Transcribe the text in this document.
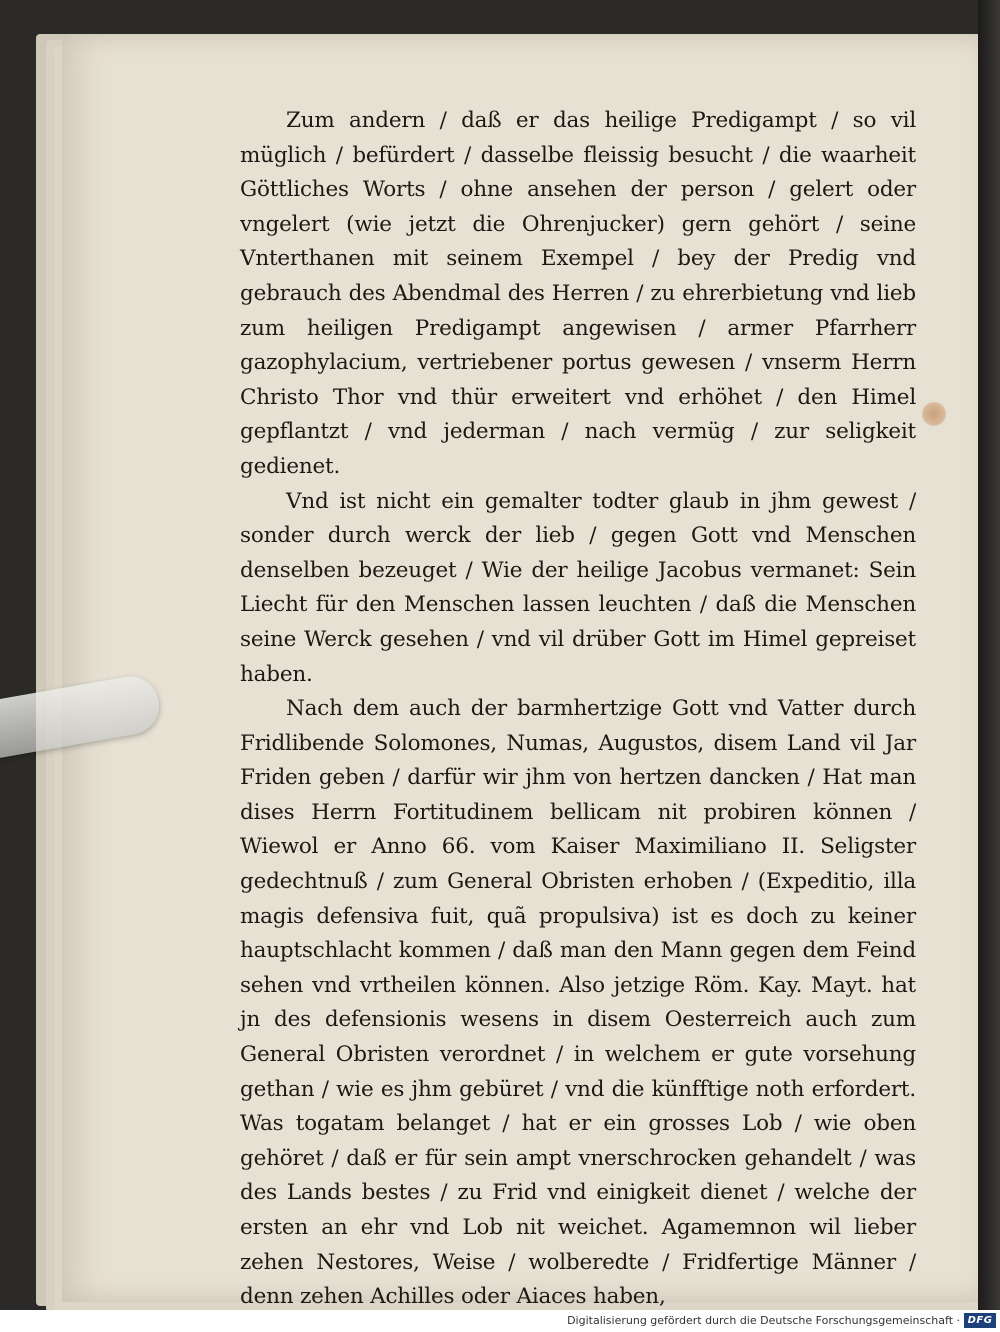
Zum andern / daß er das heilige Predigampt / so vil müglich / befürdert / dasselbe fleissig besucht / die waarheit Göttliches Worts / ohne ansehen der person / gelert oder vngelert (wie jetzt die Ohrenjucker) gern gehört / seine Vnterthanen mit seinem Exempel / bey der Predig vnd gebrauch des Abendmal des Herren / zu ehrerbietung vnd lieb zum heiligen Predigampt angewisen / armer Pfarrherr gazophylacium, vertriebener portus gewesen / vnserm Herrn Christo Thor vnd thür erweitert vnd erhöhet / den Himel gepflantzt / vnd jederman / nach vermüg / zur seligkeit gedienet.

Vnd ist nicht ein gemalter todter glaub in jhm gewest / sonder durch werck der lieb / gegen Gott vnd Menschen denselben bezeuget / Wie der heilige Jacobus vermanet: Sein Liecht für den Menschen lassen leuchten / daß die Menschen seine Werck gesehen / vnd vil drüber Gott im Himel gepreiset haben.

Nach dem auch der barmhertzige Gott vnd Vatter durch Fridlibende Solomones, Numas, Augustos, disem Land vil Jar Friden geben / darfür wir jhm von hertzen dancken / Hat man dises Herrn Fortitudinem bellicam nit probiren können / Wiewol er Anno 66. vom Kaiser Maximiliano II. Seligster gedechtnuß / zum General Obristen erhoben / (Expeditio, illa magis defensiva fuit, quã propulsiva) ist es doch zu keiner hauptschlacht kommen / daß man den Mann gegen dem Feind sehen vnd vrtheilen können. Also jetzige Röm. Kay. Mayt. hat jn des defensionis wesens in disem Oesterreich auch zum General Obristen verordnet / in welchem er gute vorsehung gethan / wie es jhm gebüret / vnd die künfftige noth erfordert. Was togatam belanget / hat er ein grosses Lob / wie oben gehöret / daß er für sein ampt vnerschrocken gehandelt / was des Lands bestes / zu Frid vnd einigkeit dienet / welche der ersten an ehr vnd Lob nit weichet. Agamemnon wil lieber zehen Nestores, Weise / wolberedte / Fridfertige Männer / denn zehen Achilles oder Aiaces haben,

Digitalisierung gefördert durch die Deutsche Forschungsgemeinschaft · DFG
